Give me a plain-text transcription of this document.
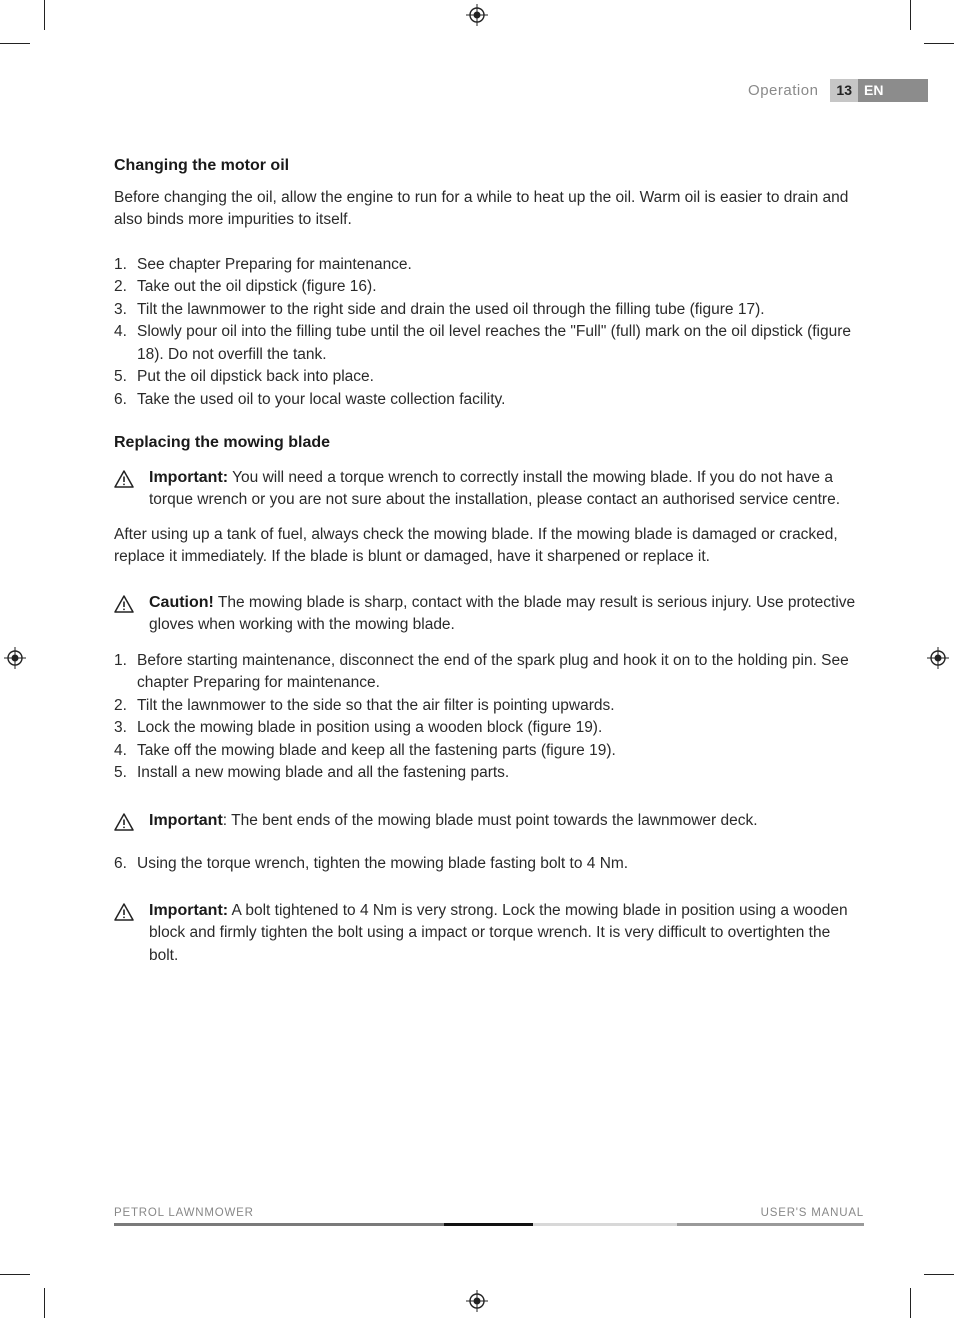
Operation	13 EN
Changing the motor oil

Before changing the oil, allow the engine to run for a while to heat up the oil. Warm oil is easier to drain and also binds more impurities to itself.

1. See chapter Preparing for maintenance.
2. Take out the oil dipstick (figure 16).
3. Tilt the lawnmower to the right side and drain the used oil through the filling tube (figure 17).
4. Slowly pour oil into the filling tube until the oil level reaches the "Full" (full) mark on the oil dipstick (figure 18). Do not overfill the tank.
5. Put the oil dipstick back into place.
6. Take the used oil to your local waste collection facility.
Replacing the mowing blade

Important: You will need a torque wrench to correctly install the mowing blade. If you do not have a torque wrench or you are not sure about the installation, please contact an authorised service centre.

After using up a tank of fuel, always check the mowing blade. If the mowing blade is damaged or cracked, replace it immediately. If the blade is blunt or damaged, have it sharpened or replace it.

Caution! The mowing blade is sharp, contact with the blade may result is serious injury. Use protective gloves when working with the mowing blade.

1. Before starting maintenance, disconnect the end of the spark plug and hook it on to the holding pin. See chapter Preparing for maintenance.
2. Tilt the lawnmower to the side so that the air filter is pointing upwards.
3. Lock the mowing blade in position using a wooden block (figure 19).
4. Take off the mowing blade and keep all the fastening parts (figure 19).
5. Install a new mowing blade and all the fastening parts.

Important: The bent ends of the mowing blade must point towards the lawnmower deck.

6. Using the torque wrench, tighten the mowing blade fasting bolt to 4 Nm.

Important: A bolt tightened to 4 Nm is very strong. Lock the mowing blade in position using a wooden block and firmly tighten the bolt using a impact or torque wrench. It is very difficult to overtighten the bolt.

PETROL LAWNMOWER	USER'S MANUAL
